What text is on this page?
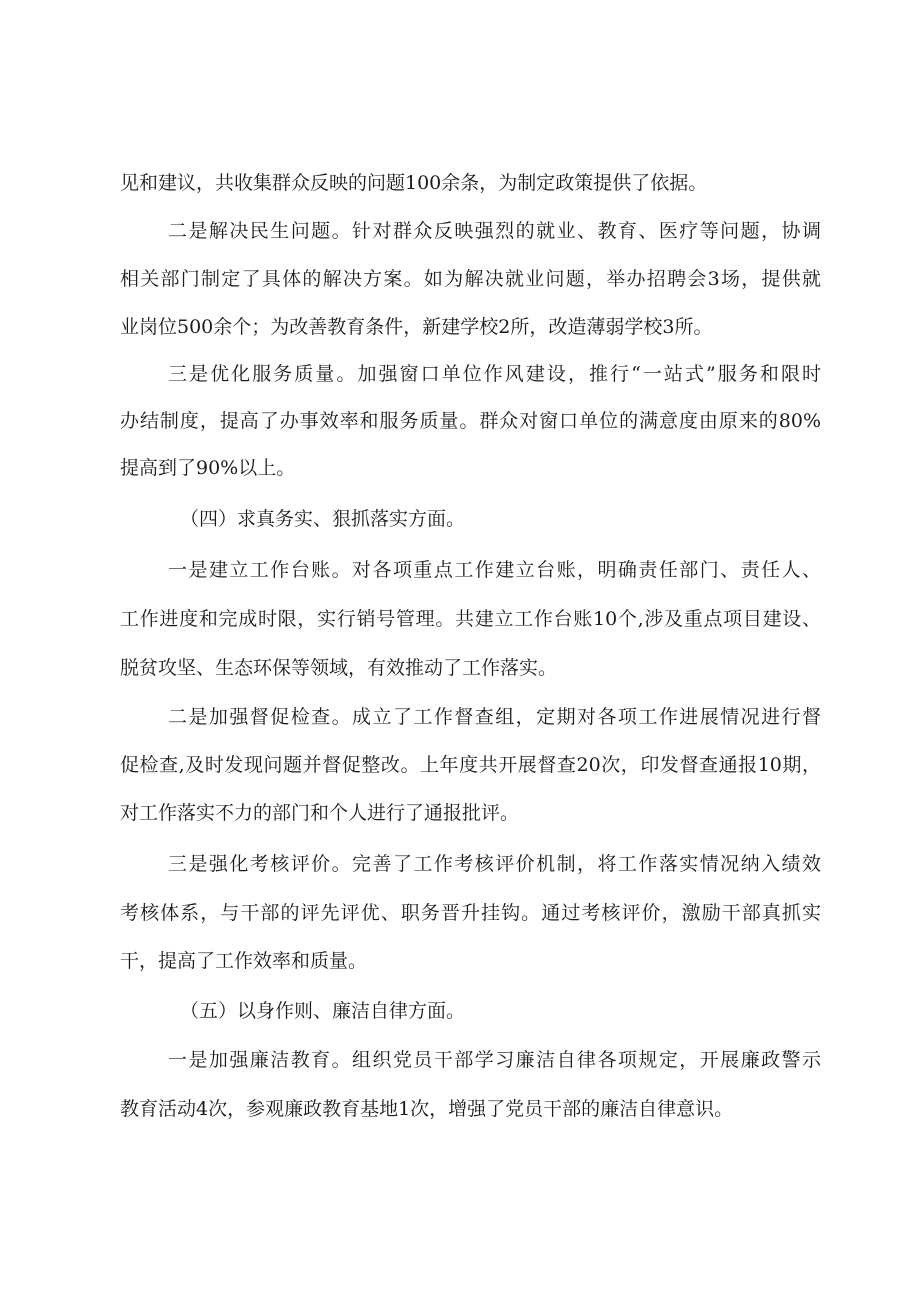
见和建议，共收集群众反映的问题100余条，为制定政策提供了依据。
二是解决民生问题。针对群众反映强烈的就业、教育、医疗等问题，协调
相关部门制定了具体的解决方案。如为解决就业问题，举办招聘会3场，提供就
业岗位500余个；为改善教育条件，新建学校2所，改造薄弱学校3所。
三是优化服务质量。加强窗口单位作风建设，推行“一站式”服务和限时
办结制度，提高了办事效率和服务质量。群众对窗口单位的满意度由原来的80%
提高到了90%以上。
（四）求真务实、狠抓落实方面。
一是建立工作台账。对各项重点工作建立台账，明确责任部门、责任人、
工作进度和完成时限，实行销号管理。共建立工作台账10个,涉及重点项目建设、
脱贫攻坚、生态环保等领域，有效推动了工作落实。
二是加强督促检查。成立了工作督查组，定期对各项工作进展情况进行督
促检查,及时发现问题并督促整改。上年度共开展督查20次，印发督查通报10期，
对工作落实不力的部门和个人进行了通报批评。
三是强化考核评价。完善了工作考核评价机制，将工作落实情况纳入绩效
考核体系，与干部的评先评优、职务晋升挂钩。通过考核评价，激励干部真抓实
干，提高了工作效率和质量。
（五）以身作则、廉洁自律方面。
一是加强廉洁教育。组织党员干部学习廉洁自律各项规定，开展廉政警示
教育活动4次，参观廉政教育基地1次，增强了党员干部的廉洁自律意识。
